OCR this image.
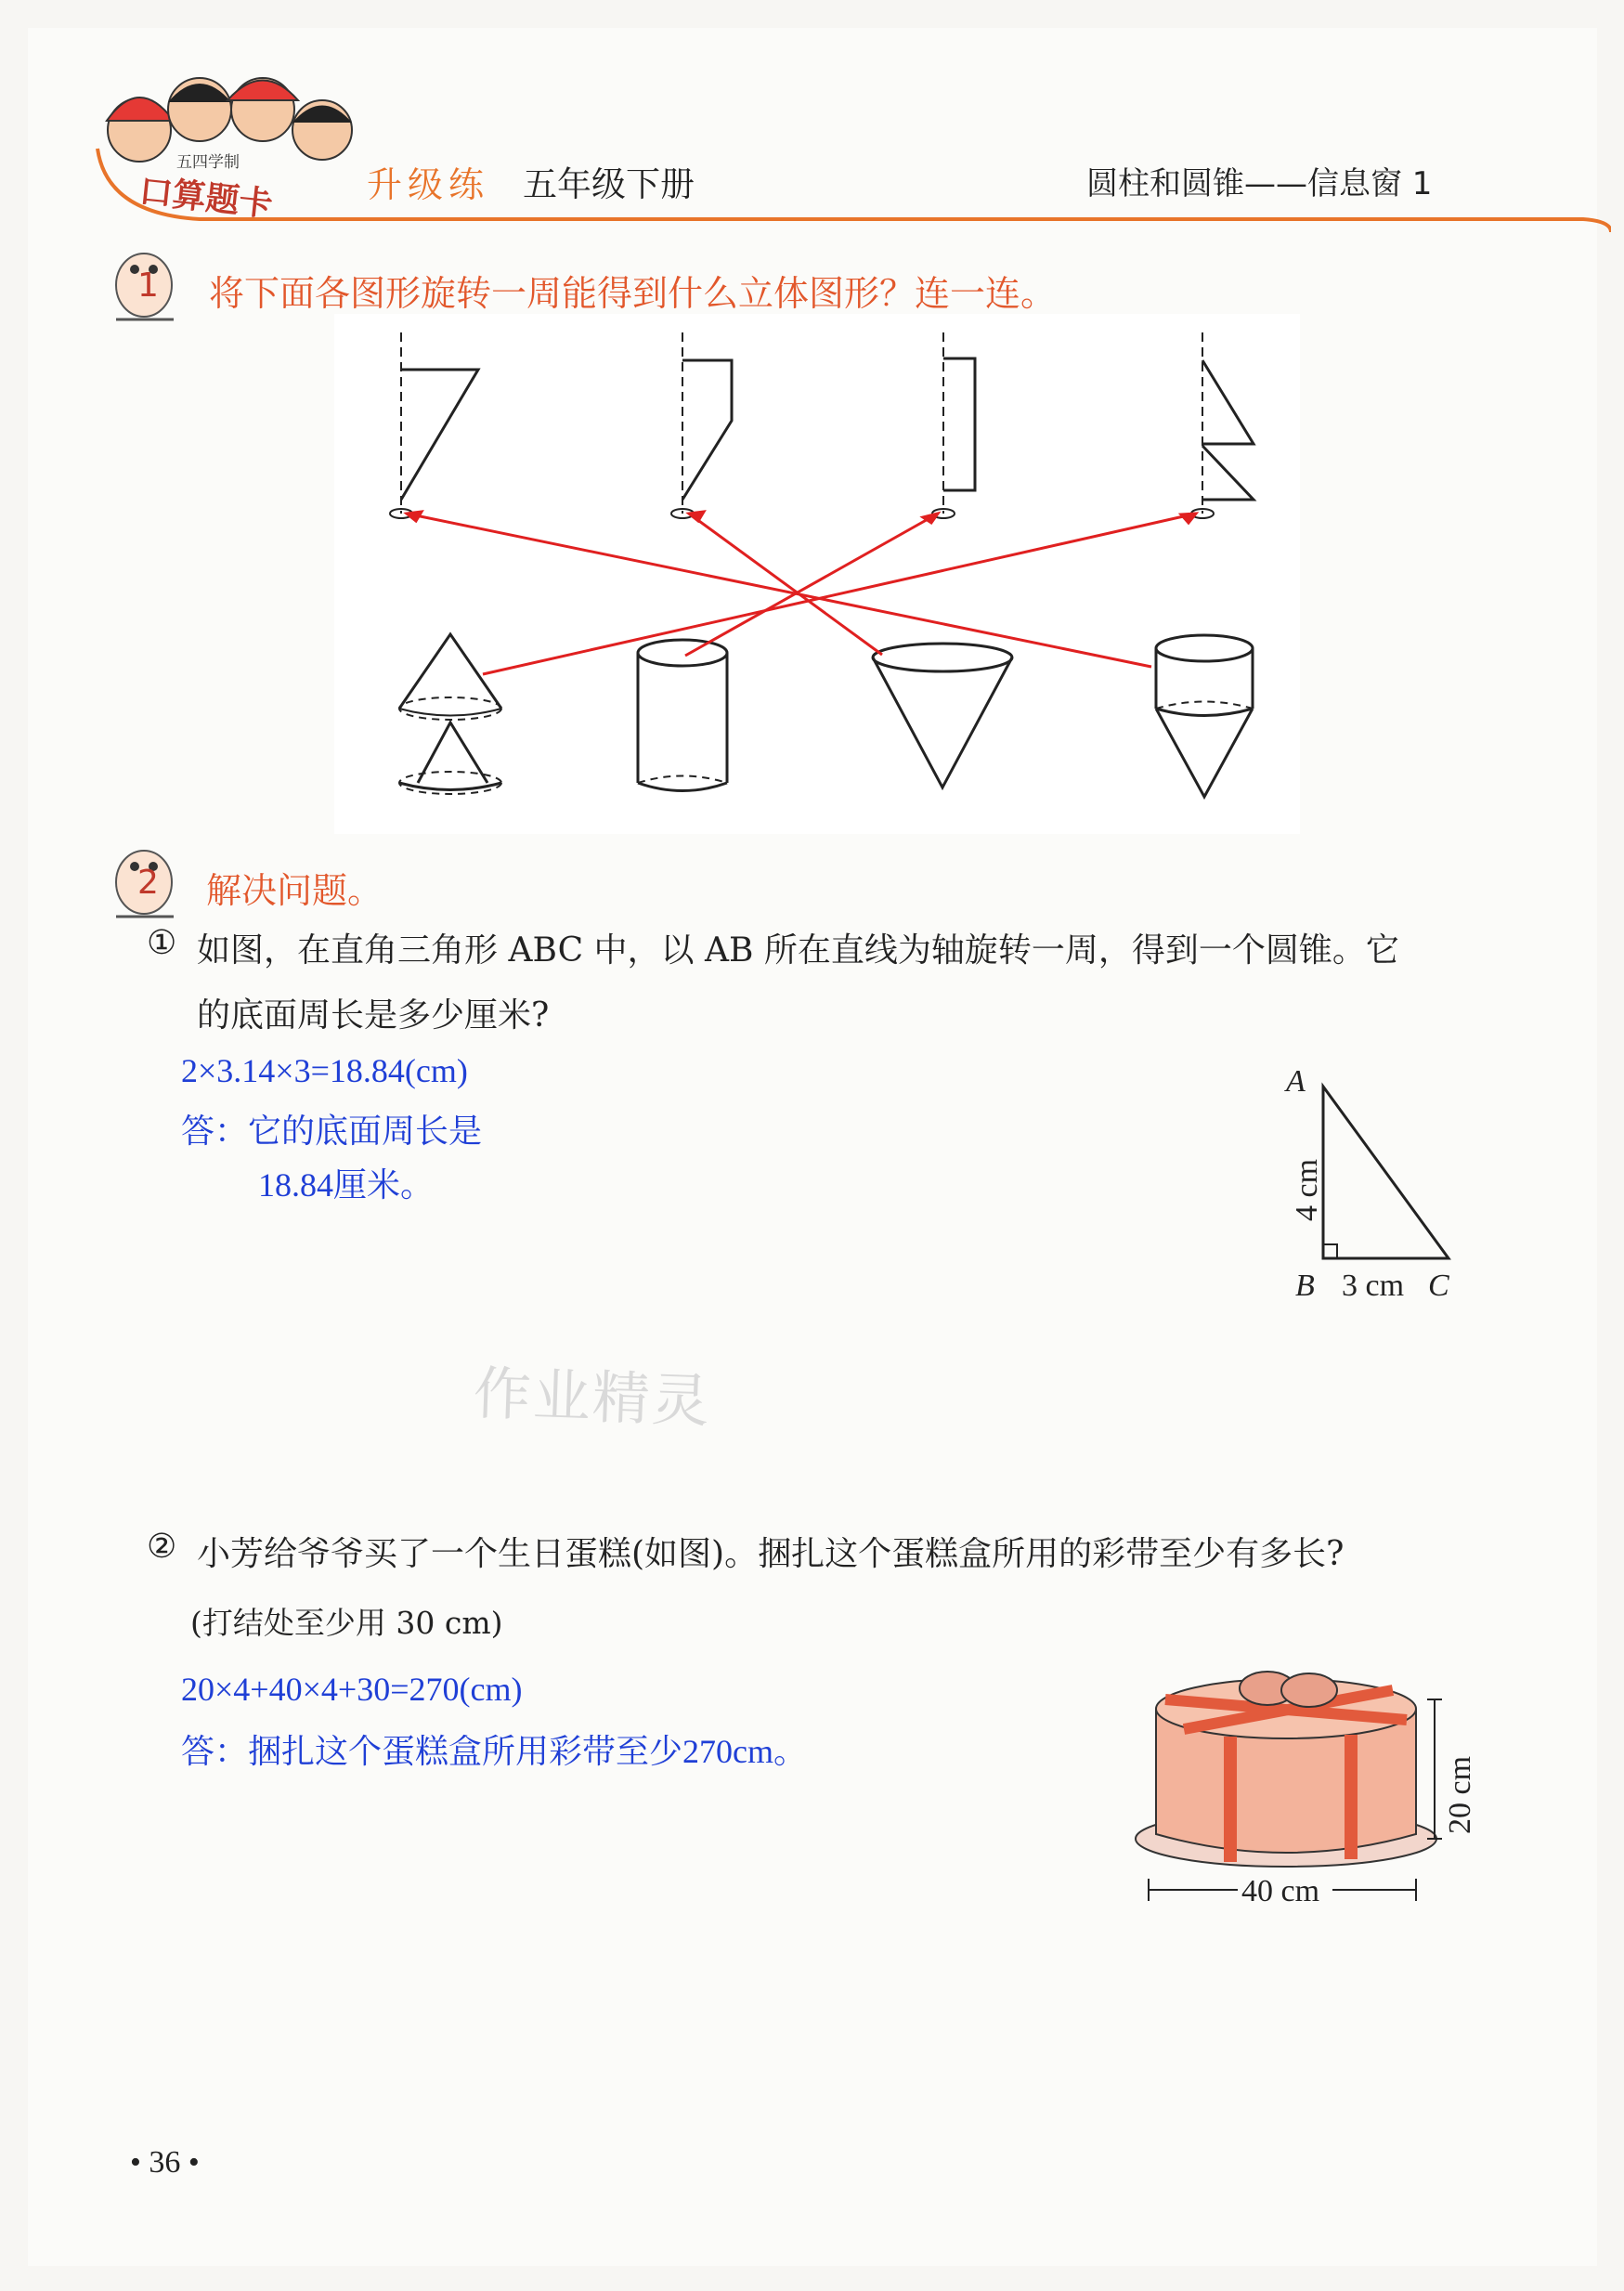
五四学制
口算题卡	升级练 五年级下册	圆柱和圆锥——信息窗 1
1 将下面各图形旋转一周能得到什么立体图形？连一连。
2 解决问题。
① 如图，在直角三角形 ABC 中，以 AB 所在直线为轴旋转一周，得到一个圆锥。它
的底面周长是多少厘米?
2×3.14×3=18.84(cm)
答：它的底面周长是
18.84厘米。
A
B	C
3 cm
4 cm
作业精灵
② 小芳给爷爷买了一个生日蛋糕(如图)。捆扎这个蛋糕盒所用的彩带至少有多长?
(打结处至少用 30 cm)
20×4+40×4+30=270(cm)
答：捆扎这个蛋糕盒所用彩带至少270cm。
20 cm
40 cm
• 36 •
